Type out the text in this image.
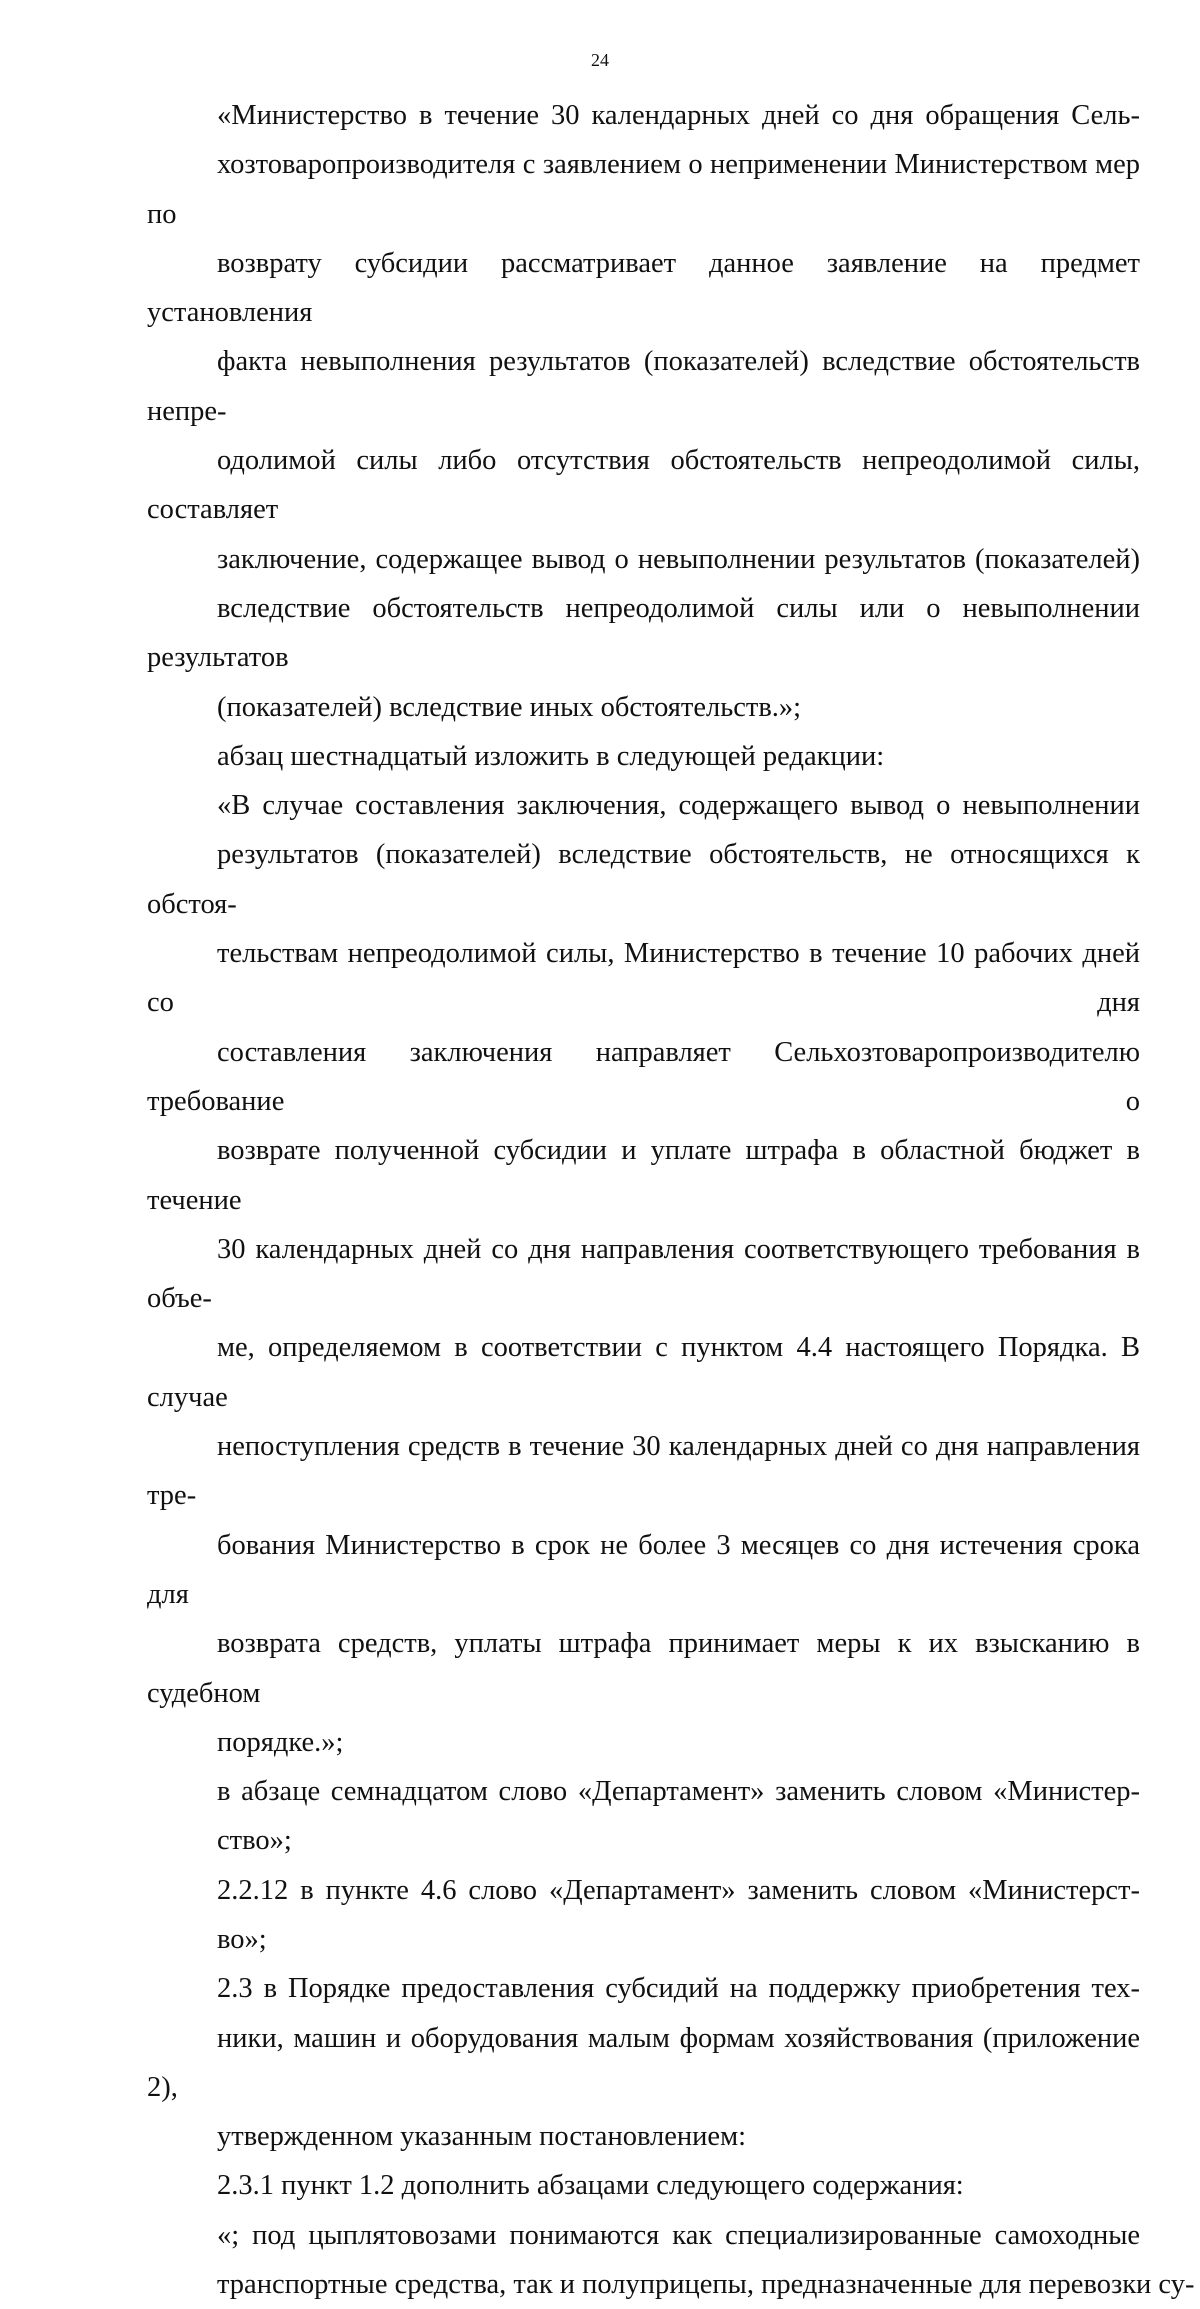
24
«Министерство в течение 30 календарных дней со дня обращения Сель-
хозтоваропроизводителя с заявлением о неприменении Министерством мер по
возврату субсидии рассматривает данное заявление на предмет установления
факта невыполнения результатов (показателей) вследствие обстоятельств непре-
одолимой силы либо отсутствия обстоятельств непреодолимой силы, составляет
заключение, содержащее вывод о невыполнении результатов (показателей)
вследствие обстоятельств непреодолимой силы или о невыполнении результатов
(показателей) вследствие иных обстоятельств.»;
абзац шестнадцатый изложить в следующей редакции:
«В случае составления заключения, содержащего вывод о невыполнении
результатов (показателей) вследствие обстоятельств, не относящихся к обстоя-
тельствам непреодолимой силы, Министерство в течение 10 рабочих дней со дня
составления заключения направляет Сельхозтоваропроизводителю требование о
возврате полученной субсидии и уплате штрафа в областной бюджет в течение
30 календарных дней со дня направления соответствующего требования в объе-
ме, определяемом в соответствии с пунктом 4.4 настоящего Порядка. В случае
непоступления средств в течение 30 календарных дней со дня направления тре-
бования Министерство в срок не более 3 месяцев со дня истечения срока для
возврата средств, уплаты штрафа принимает меры к их взысканию в судебном
порядке.»;
в абзаце семнадцатом слово «Департамент» заменить словом «Министер-
ство»;
2.2.12 в пункте 4.6 слово «Департамент» заменить словом «Министерст-
во»;
2.3 в Порядке предоставления субсидий на поддержку приобретения тех-
ники, машин и оборудования малым формам хозяйствования (приложение 2),
утвержденном указанным постановлением:
2.3.1 пункт 1.2 дополнить абзацами следующего содержания:
«; под цыплятовозами понимаются как специализированные самоходные
транспортные средства, так и полуприцепы, предназначенные для перевозки су-
